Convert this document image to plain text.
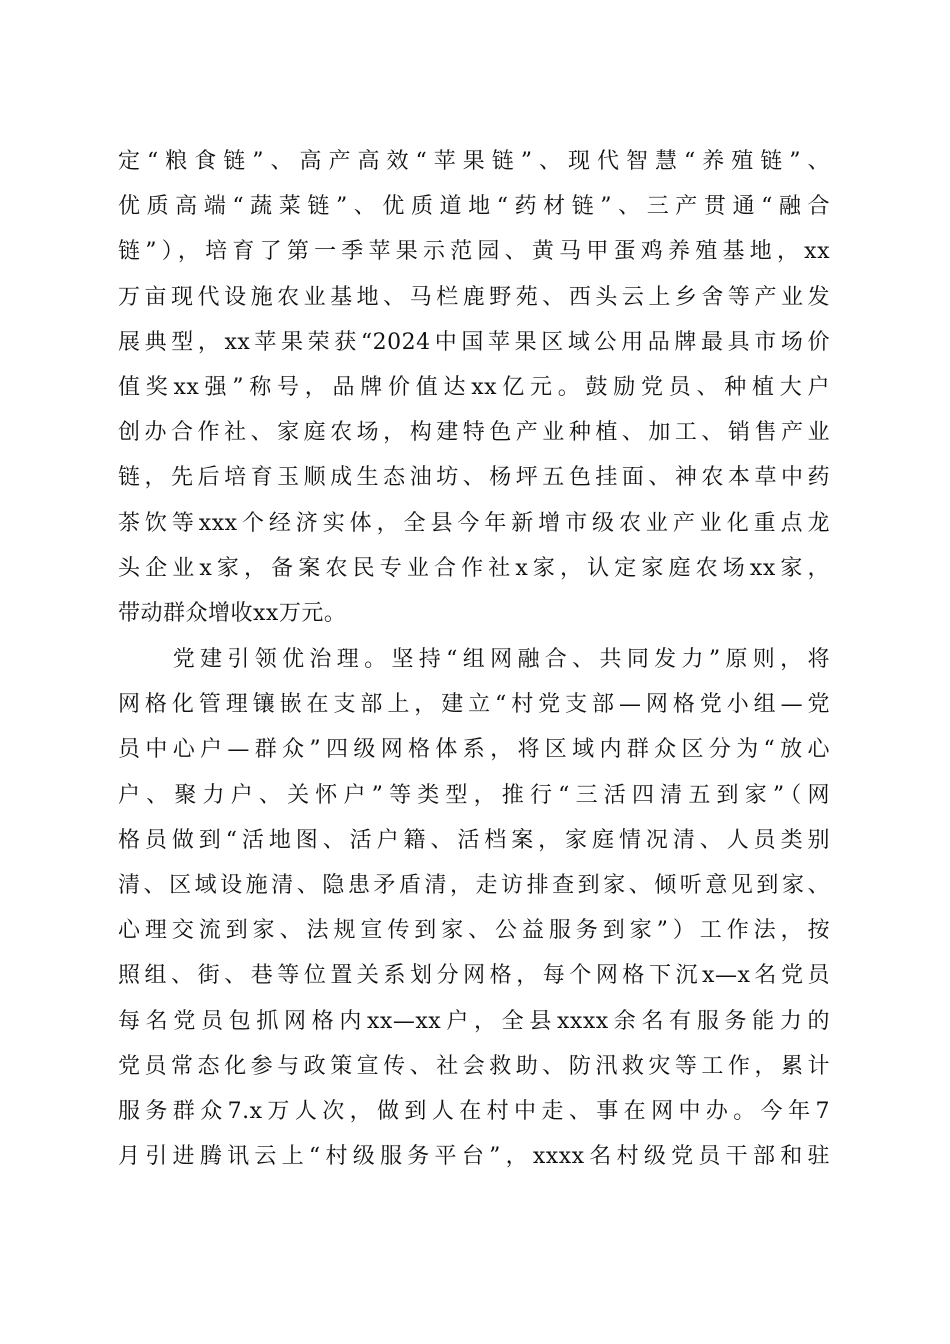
定“粮食链”、高产高效“苹果链”、现代智慧“养殖链”、
优质高端“蔬菜链”、优质道地“药材链”、三产贯通“融合
链”），培育了第一季苹果示范园、黄马甲蛋鸡养殖基地，xx
万亩现代设施农业基地、马栏鹿野苑、西头云上乡舍等产业发
展典型，xx苹果荣获“2024中国苹果区域公用品牌最具市场价
值奖xx强”称号，品牌价值达xx亿元。鼓励党员、种植大户
创办合作社、家庭农场，构建特色产业种植、加工、销售产业
链，先后培育玉顺成生态油坊、杨坪五色挂面、神农本草中药
茶饮等xxx个经济实体，全县今年新增市级农业产业化重点龙
头企业x家，备案农民专业合作社x家，认定家庭农场xx家，
带动群众增收xx万元。
　　党建引领优治理。坚持“组网融合、共同发力”原则，将
网格化管理镶嵌在支部上，建立“村党支部—网格党小组—党
员中心户—群众”四级网格体系，将区域内群众区分为“放心
户、聚力户、关怀户”等类型，推行“三活四清五到家”（网
格员做到“活地图、活户籍、活档案，家庭情况清、人员类别
清、区域设施清、隐患矛盾清，走访排查到家、倾听意见到家、
心理交流到家、法规宣传到家、公益服务到家”）工作法，按
照组、街、巷等位置关系划分网格，每个网格下沉x—x名党员
每名党员包抓网格内xx—xx户，全县xxxx余名有服务能力的
党员常态化参与政策宣传、社会救助、防汛救灾等工作，累计
服务群众7.x万人次，做到人在村中走、事在网中办。今年7
月引进腾讯云上“村级服务平台”，xxxx名村级党员干部和驻
